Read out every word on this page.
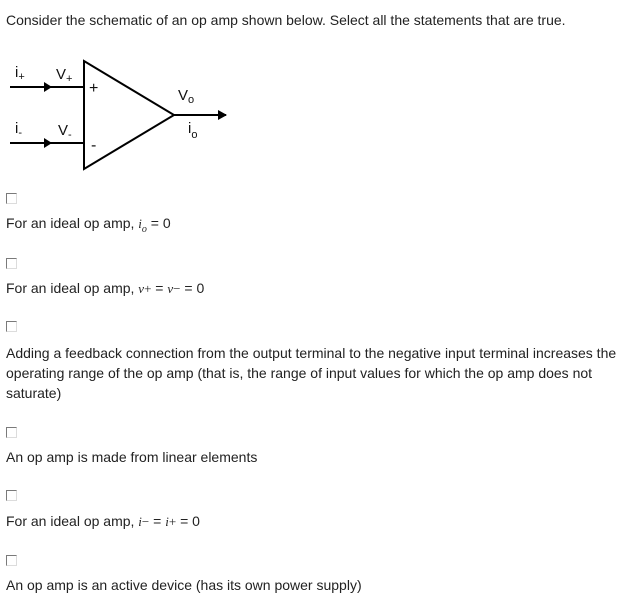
Consider the schematic of an op amp shown below. Select all the statements that are true.
$i_+$ $V_+$
$i_-$ $V_-$
+
-
$V_o$
$i_o$
For an ideal op amp, $i_o = 0$
For an ideal op amp, v+ = v− = 0
Adding a feedback connection from the output terminal to the negative input terminal increases the operating range of the op amp (that is, the range of input values for which the op amp does not saturate)
An op amp is made from linear elements
For an ideal op amp, i− = i+ = 0
An op amp is an active device (has its own power supply)
